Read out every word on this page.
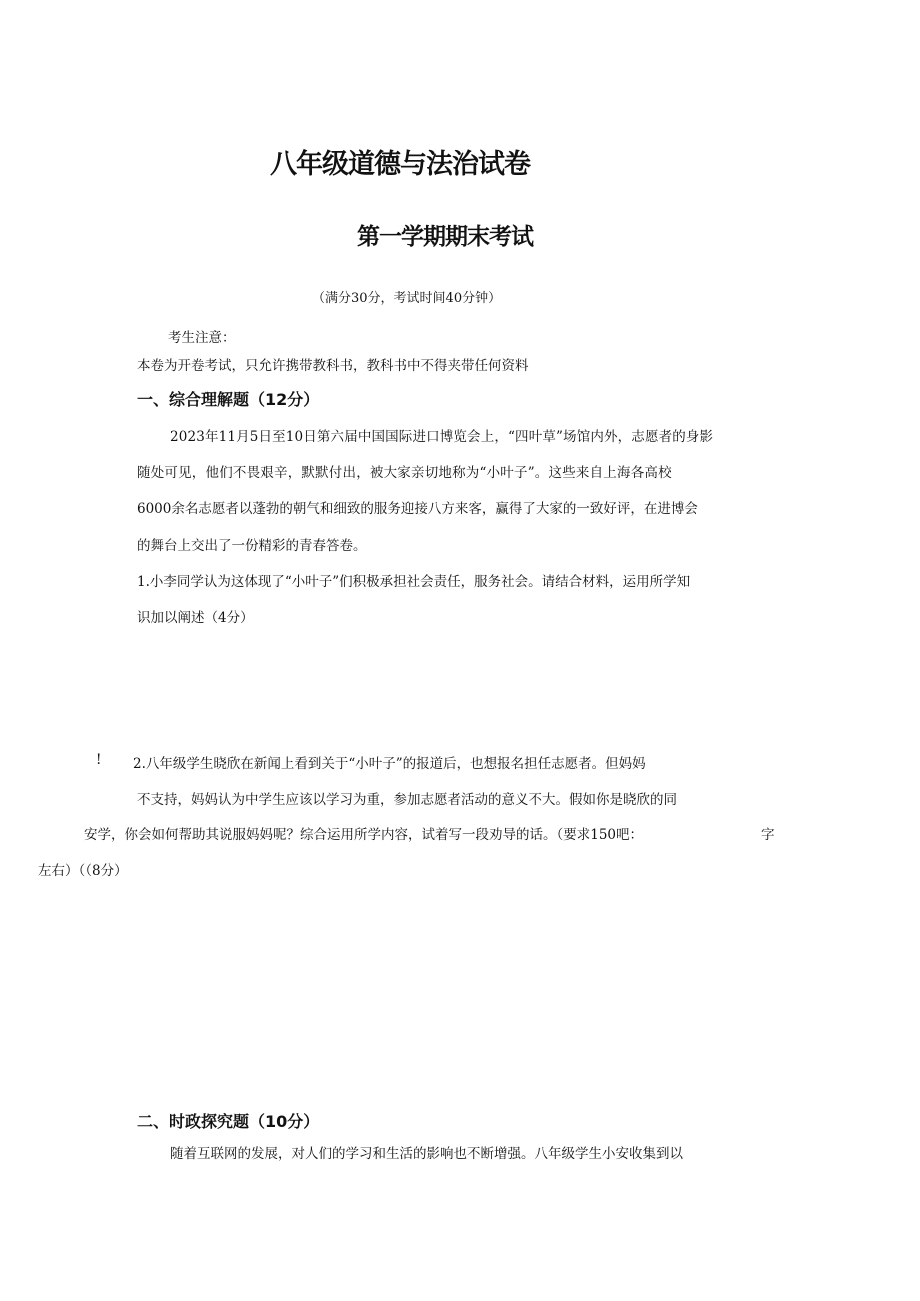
八年级道德与法治试卷
第一学期期末考试
（满分30分，考试时间40分钟）
考生注意：
本卷为开卷考试，只允许携带教科书，教科书中不得夹带任何资料
一、综合理解题（12分）
2023年11月5日至10日第六届中国国际进口博览会上，“四叶草”场馆内外，志愿者的身影
随处可见，他们不畏艰辛，默默付出，被大家亲切地称为“小叶子”。这些来自上海各高校
6000余名志愿者以蓬勃的朝气和细致的服务迎接八方来客，赢得了大家的一致好评，在进博会
的舞台上交出了一份精彩的青春答卷。
1.小李同学认为这体现了“小叶子”们积极承担社会责任，服务社会。请结合材料，运用所学知
识加以阐述（4分）
! 2.八年级学生晓欣在新闻上看到关于“小叶子”的报道后，也想报名担任志愿者。但妈妈
不支持，妈妈认为中学生应该以学习为重，参加志愿者活动的意义不大。假如你是晓欣的同
安学，你会如何帮助其说服妈妈呢？综合运用所学内容，试着写一段劝导的话。（要求150吧：	字
左右）（（8分）
二、时政探究题（10分）
随着互联网的发展，对人们的学习和生活的影响也不断增强。八年级学生小安收集到以
